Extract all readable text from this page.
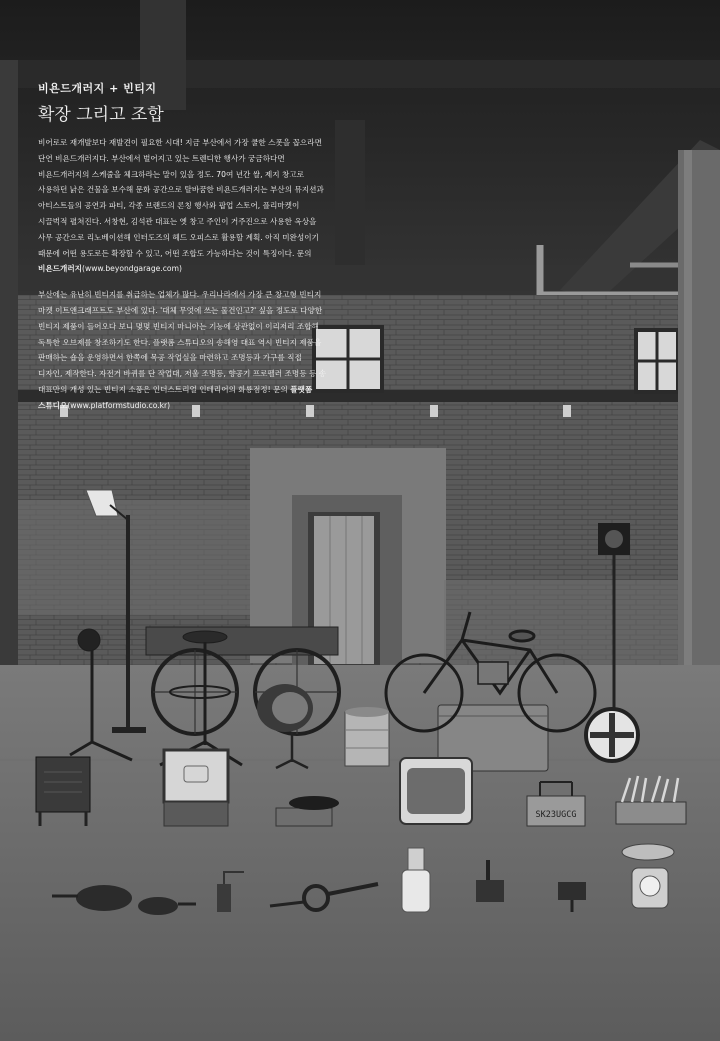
SK23UGCG

비욘드개러지 + 빈티지

확장 그리고 조합

비어로로 재개발보다 재발견이 필요한 시대! 지금 부산에서 가장 쿨한 스폿을 꼽으라면 단연 비욘드개러지다. 부산에서 벌어지고 있는 트렌디한 행사가 궁금하다면 비욘드개러지의 스케줄을 체크하라는 말이 있을 정도. 70여 년간 쌀, 제지 창고로 사용하던 낡은 건물을 보수해 문화 공간으로 탈바꿈한 비욘드개러지는 부산의 뮤지션과 아티스트들의 공연과 파티, 각종 브랜드의 론칭 행사와 팝업 스토어, 플리마켓이 시끌벅적 펼쳐진다. 서창현, 김석관 대표는 옛 창고 주인이 거주진으로 사용한 옥상을 사무 공간으로 리노베이션해 인터도즈의 헤드 오피스로 활용할 계획. 아직 미완성이기 때문에 어떤 용도로든 확장할 수 있고, 어떤 조합도 가능하다는 것이 특징이다. 문의 비욘드개러지(www.beyondgarage.com)

부산에는 유난히 빈티지를 취급하는 업체가 많다. 우리나라에서 가장 큰 창고형 빈티지 마켓 이트앤크래프트도 부산에 있다. '대체 무엇에 쓰는 물건인고?' 싶을 정도로 다양한 빈티지 제품이 들어오다 보니 몇몇 빈티지 마니아는 기능에 상관없이 이리저리 조합해 독특한 오브제를 창조하기도 한다. 플랫폼 스튜디오의 송해영 대표 역시 빈티지 제품을 판매하는 숍을 운영하면서 한쪽에 목공 작업실을 마련하고 조명등과 가구를 직접 디자인, 제작한다. 자전거 바퀴를 단 작업대, 저울 조명등, 향공기 프로펠러 조명등 등 송 대표만의 개성 있는 빈티지 소품은 인더스트리얼 인테리어의 화룡점정! 문의 플랫폼 스튜디오(www.platformstudio.co.kr)
